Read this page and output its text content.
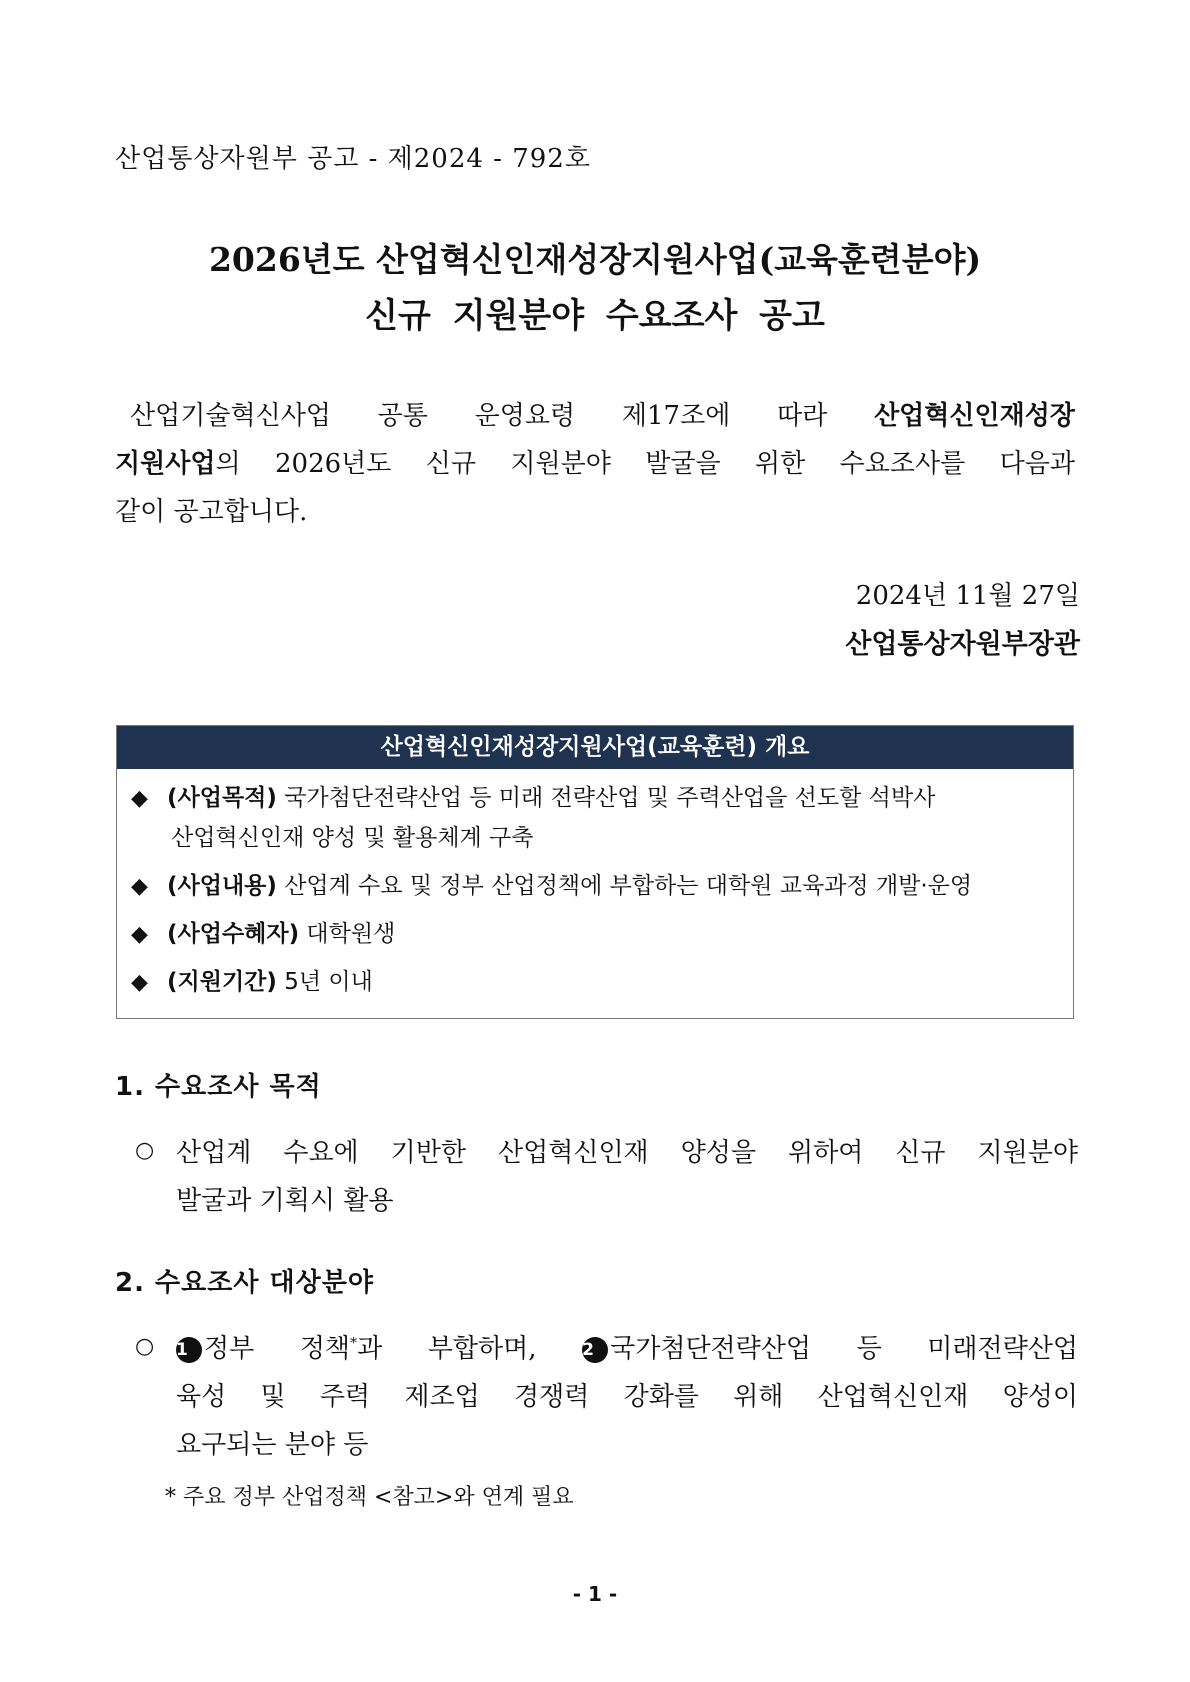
산업통상자원부 공고 - 제2024 - 792호
2026년도 산업혁신인재성장지원사업(교육훈련분야)
신규 지원분야 수요조사 공고
산업기술혁신사업 공통 운영요령 제17조에 따라 산업혁신인재성장
지원사업의 2026년도 신규 지원분야 발굴을 위한 수요조사를 다음과
같이 공고합니다.
2024년 11월 27일
산업통상자원부장관
산업혁신인재성장지원사업(교육훈련) 개요
◆ (사업목적) 국가첨단전략산업 등 미래 전략산업 및 주력산업을 선도할 석박사
산업혁신인재 양성 및 활용체계 구축
◆ (사업내용) 산업계 수요 및 정부 산업정책에 부합하는 대학원 교육과정 개발·운영
◆ (사업수혜자) 대학원생
◆ (지원기간) 5년 이내
1. 수요조사 목적
○ 산업계 수요에 기반한 산업혁신인재 양성을 위하여 신규 지원분야
발굴과 기획시 활용
2. 수요조사 대상분야
○ 1 정부 정책*과 부합하며, 2 국가첨단전략산업 등 미래전략산업
육성 및 주력 제조업 경쟁력 강화를 위해 산업혁신인재 양성이
요구되는 분야 등
* 주요 정부 산업정책 <참고>와 연계 필요
- 1 -
